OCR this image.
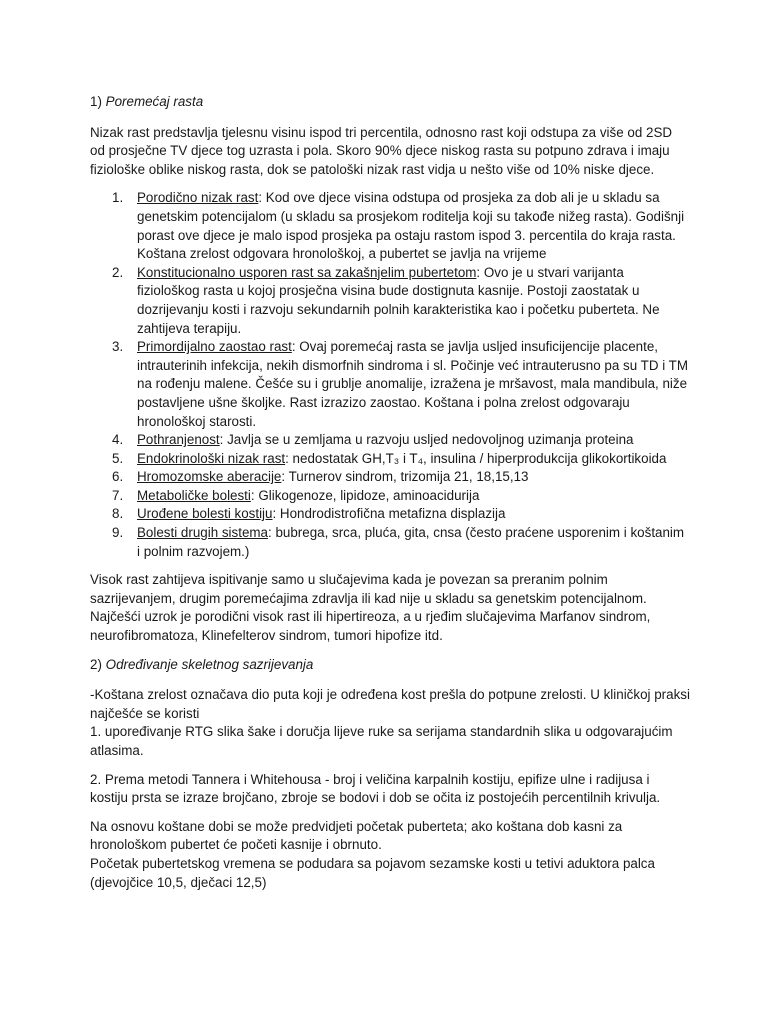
1) Poremećaj rasta

Nizak rast predstavlja tjelesnu visinu ispod tri percentila, odnosno rast koji odstupa za više od 2SD od prosječne TV djece tog uzrasta i pola. Skoro 90% djece niskog rasta su potpuno zdrava i imaju fiziološke oblike niskog rasta, dok se patološki nizak rast vidja u nešto više od 10% niske djece.

1. Porodično nizak rast: Kod ove djece visina odstupa od prosjeka za dob ali je u skladu sa genetskim potencijalom (u skladu sa prosjekom roditelja koji su takođe nižeg rasta). Godišnji porast ove djece je malo ispod prosjeka pa ostaju rastom ispod 3. percentila do kraja rasta. Koštana zrelost odgovara hronološkoj, a pubertet se javlja na vrijeme
2. Konstitucionalno usporen rast sa zakašnjelim pubertetom: Ovo je u stvari varijanta fiziološkog rasta u kojoj prosječna visina bude dostignuta kasnije. Postoji zaostatak u dozrijevanju kosti i razvoju sekundarnih polnih karakteristika kao i početku puberteta. Ne zahtijeva terapiju.
3. Primordijalno zaostao rast: Ovaj poremećaj rasta se javlja usljed insuficijencije placente, intrauterinih infekcija, nekih dismorfnih sindroma i sl. Počinje već intrauterusno pa su TD i TM na rođenju malene. Češće su i grublje anomalije, izražena je mršavost, mala mandibula, niže postavljene ušne školjke. Rast izrazizo zaostao. Koštana i polna zrelost odgovaraju hronološkoj starosti.
4. Pothranjenost: Javlja se u zemljama u razvoju usljed nedovoljnog uzimanja proteina
5. Endokrinološki nizak rast: nedostatak GH,T₃ i T₄, insulina / hiperprodukcija glikokortikoida
6. Hromozomske aberacije: Turnerov sindrom, trizomija 21, 18,15,13
7. Metaboličke bolesti: Glikogenoze, lipidoze, aminoacidurija
8. Urođene bolesti kostiju: Hondrodistrofična metafizna displazija
9. Bolesti drugih sistema: bubrega, srca, pluća, gita, cnsa (često praćene usporenim i koštanim i polnim razvojem.)

Visok rast zahtijeva ispitivanje samo u slučajevima kada je povezan sa preranim polnim sazrijevanjem, drugim poremećajima zdravlja ili kad nije u skladu sa genetskim potencijalnom. Najčešći uzrok je porodični visok rast ili hipertireoza, a u rjeđim slučajevima Marfanov sindrom, neurofibromatoza, Klinefelterov sindrom, tumori hipofize itd.

2) Određivanje skeletnog sazrijevanja

-Koštana zrelost označava dio puta koji je određena kost prešla do potpune zrelosti. U kliničkoj praksi najčešće se koristi

1. upoređivanje RTG slika šake i doručja lijeve ruke sa serijama standardnih slika u odgovarajućim atlasima.

2. Prema metodi Tannera i Whitehousa - broj i veličina karpalnih kostiju, epifize ulne i radijusa i kostiju prsta se izraze brojčano, zbroje se bodovi i dob se očita iz postojećih percentilnih krivulja.

Na osnovu koštane dobi se može predvidjeti početak puberteta; ako koštana dob kasni za hronološkom pubertet će početi kasnije i obrnuto.

Početak pubertetskog vremena se podudara sa pojavom sezamske kosti u tetivi aduktora palca (djevojčice 10,5, dječaci 12,5)
